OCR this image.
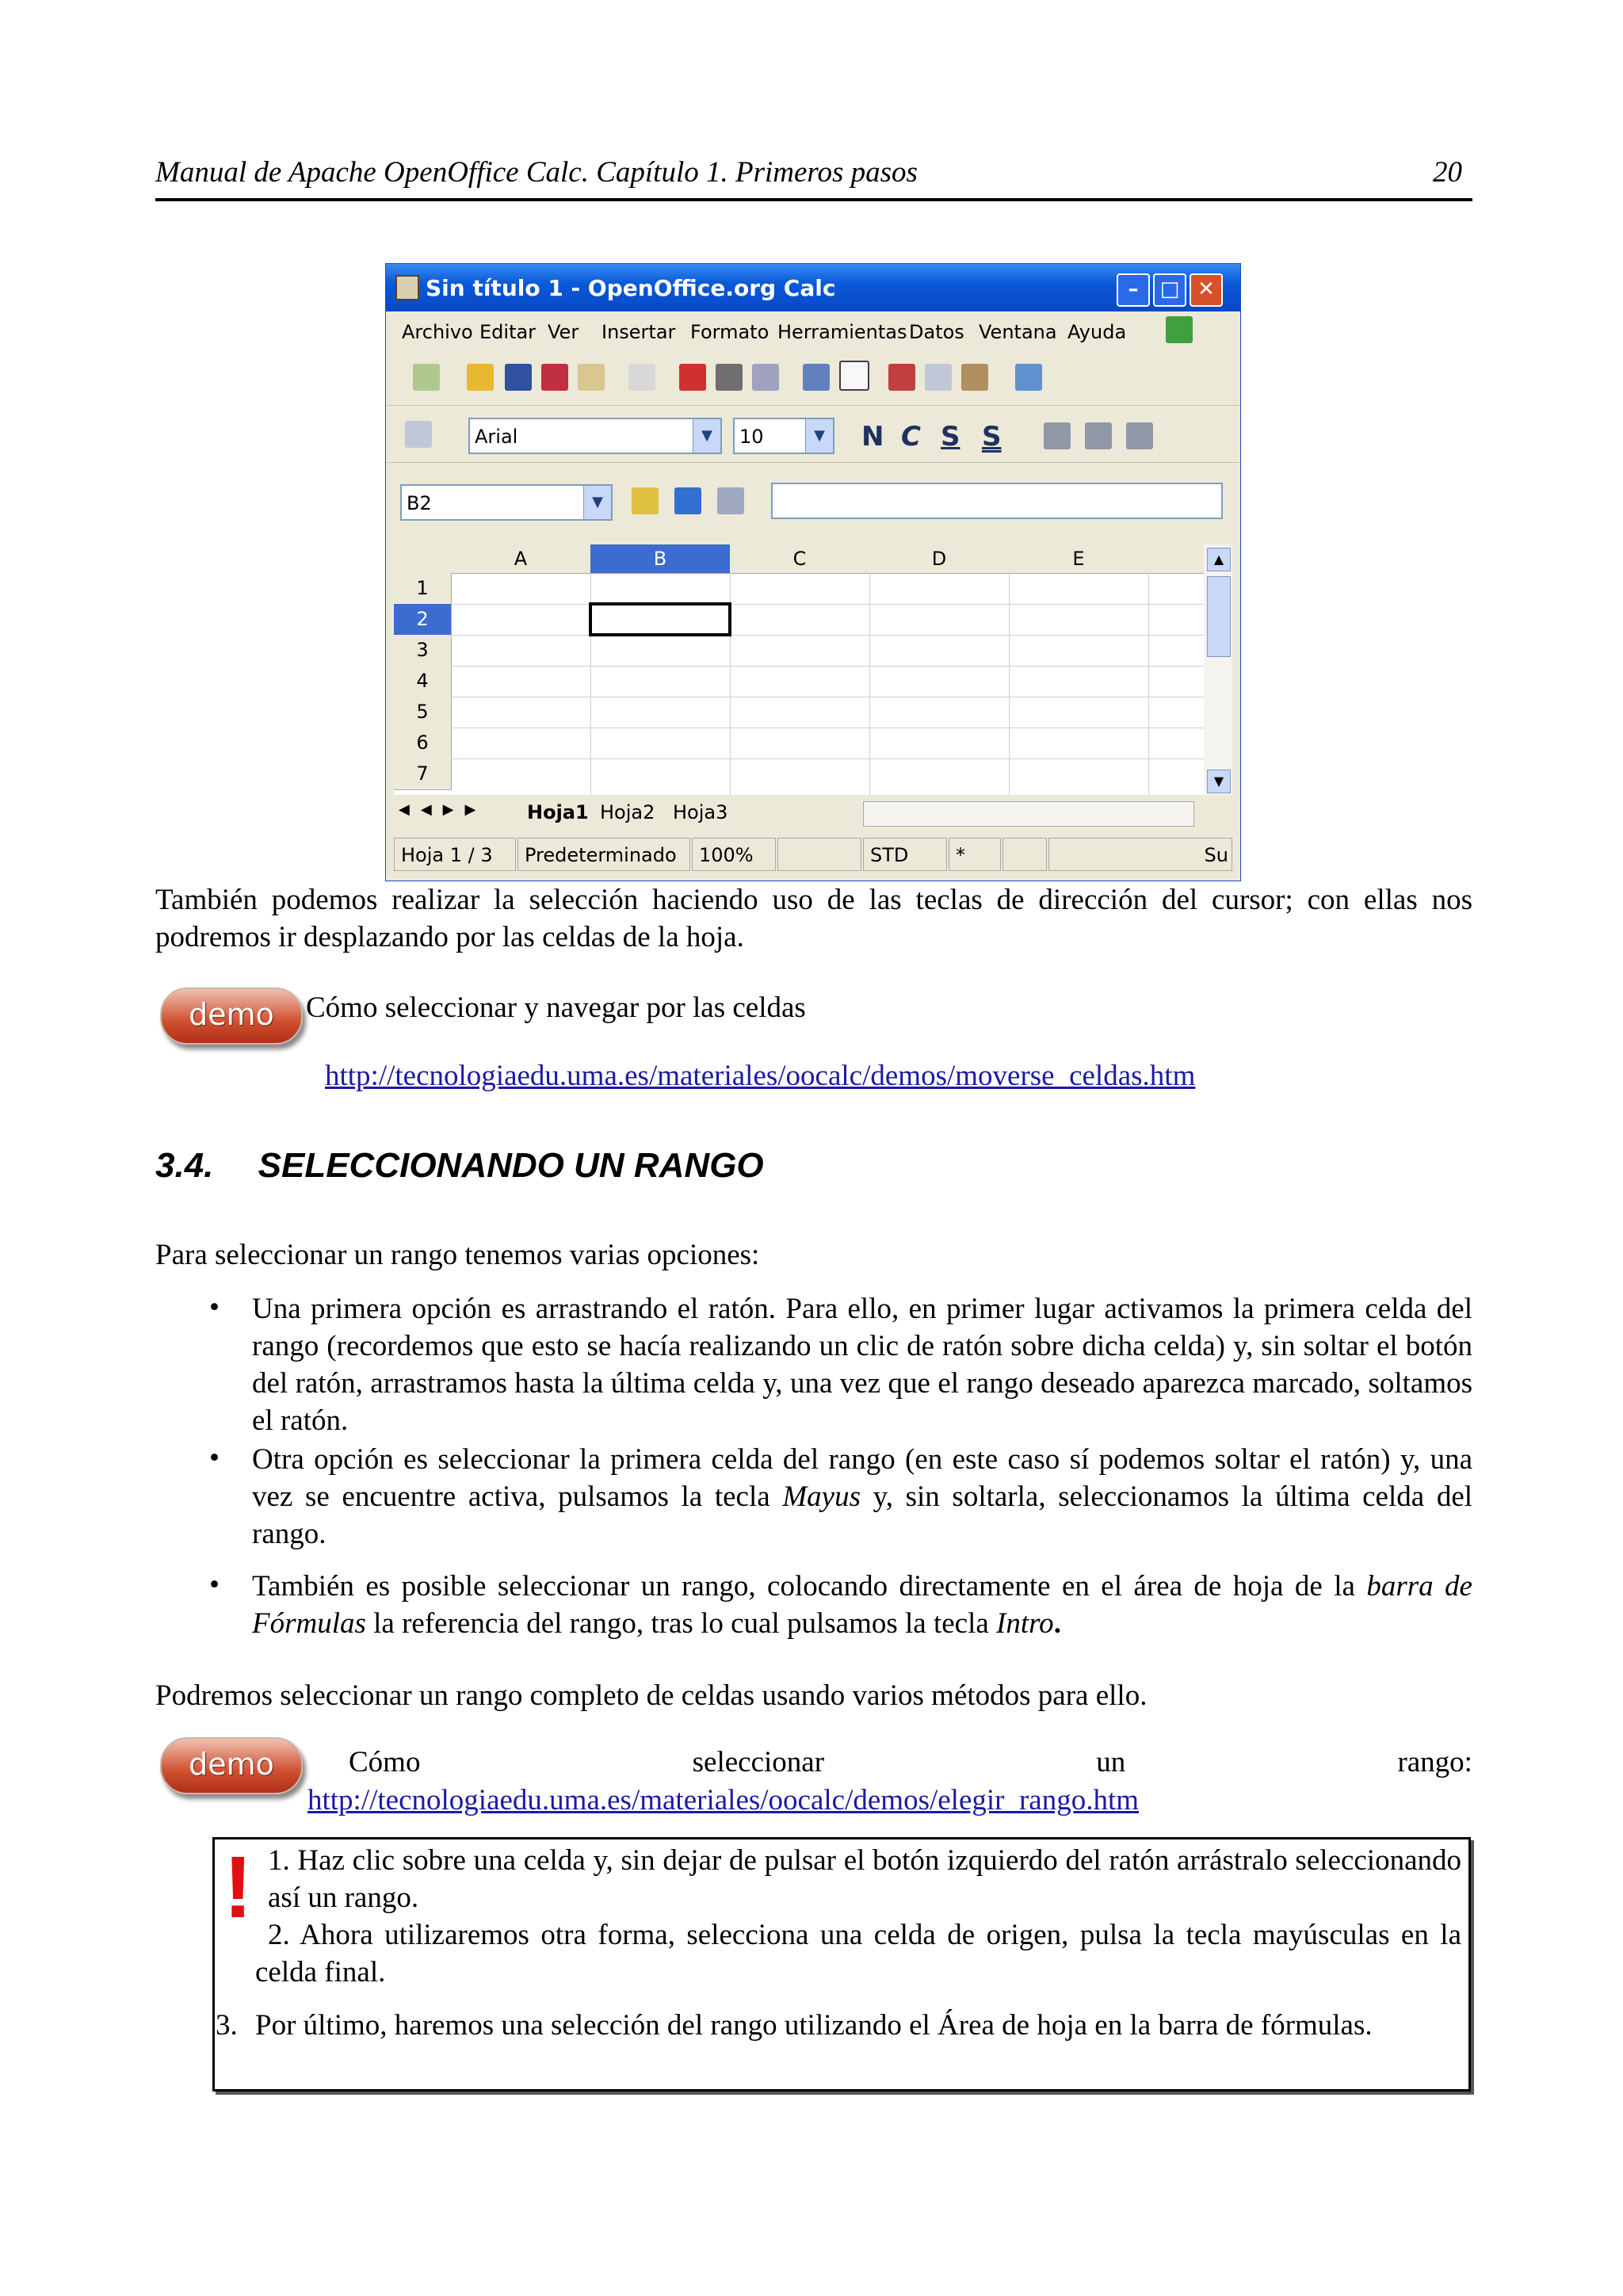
Manual de Apache OpenOffice Calc. Capítulo 1. Primeros pasos	20
Sin título 1 - OpenOffice.org Calc	–	□ ✕
Archivo Editar Ver Insertar Formato Herramientas Datos Ventana Ayuda
Arial	▼	10	▼ N C S S
B2	▼
A	B	C	D	E
1
2
3
4
5
6
7
▲
▼
◀◀▶▶	Hoja1 Hoja2 Hoja3
Hoja 1 / 3	Predeterminado	100%	STD	*	Su
También podemos realizar la selección haciendo uso de las teclas de dirección del cursor; con ellas nos podremos ir desplazando por las celdas de la hoja.
demo	Cómo seleccionar y navegar por las celdas
http://tecnologiaedu.uma.es/materiales/oocalc/demos/moverse_celdas.htm
3.4. SELECCIONANDO UN RANGO
Para seleccionar un rango tenemos varias opciones:
• Una primera opción es arrastrando el ratón. Para ello, en primer lugar activamos la primera celda del rango (recordemos que esto se hacía realizando un clic de ratón sobre dicha celda) y, sin soltar el botón del ratón, arrastramos hasta la última celda y, una vez que el rango deseado aparezca marcado, soltamos el ratón.
• Otra opción es seleccionar la primera celda del rango (en este caso sí podemos soltar el ratón) y, una vez se encuentre activa, pulsamos la tecla Mayus y, sin soltarla, seleccionamos la última celda del rango.
• También es posible seleccionar un rango, colocando directamente en el área de hoja de la barra de Fórmulas la referencia del rango, tras lo cual pulsamos la tecla Intro.
Podremos seleccionar un rango completo de celdas usando varios métodos para ello.
demo	Cómo	seleccionar	un	rango:
http://tecnologiaedu.uma.es/materiales/oocalc/demos/elegir_rango.htm
! 1. Haz clic sobre una celda y, sin dejar de pulsar el botón izquierdo del ratón arrástralo seleccionando así un rango.
2. Ahora utilizaremos otra forma, selecciona una celda de origen, pulsa la tecla mayúsculas en la celda final.
3. Por último, haremos una selección del rango utilizando el Área de hoja en la barra de fórmulas.
